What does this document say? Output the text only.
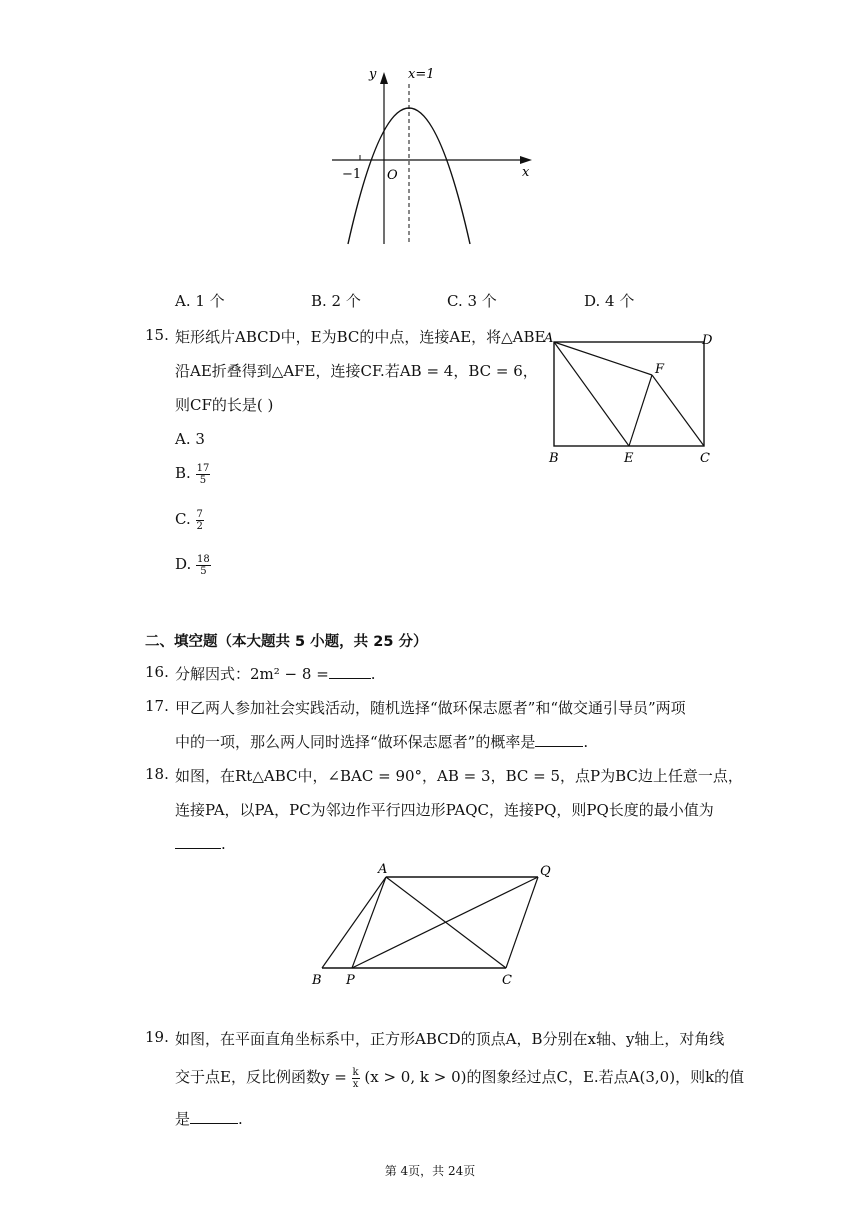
y x=1
−1 O	x
A. 1 个	B. 2 个	C. 3 个	D. 4 个
15. 矩形纸片ABCD中，E为BC的中点，连接AE，将△ABE
沿AE折叠得到△AFE，连接CF.若AB = 4，BC = 6，
则CF的长是( )
A. 3
B. $\frac{17}{5}$
C. $\frac{7}{2}$
D. $\frac{18}{5}$
A	D
F
B	E	C
二、填空题（本大题共 5 小题，共 25 分）
16. 分解因式：2m² − 8 =	.
17. 甲乙两人参加社会实践活动，随机选择“做环保志愿者”和“做交通引导员”两项
中的一项，那么两人同时选择“做环保志愿者”的概率是	.
18. 如图，在Rt△ABC中，∠BAC = 90°，AB = 3，BC = 5，点P为BC边上任意一点，
连接PA，以PA，PC为邻边作平行四边形PAQC，连接PQ，则PQ长度的最小值为
.
A	Q
B P	C
19. 如图，在平面直角坐标系中，正方形ABCD的顶点A，B分别在x轴、y轴上，对角线
交于点E，反比例函数$y = \frac{k}{x} (x > 0$, k > 0)的图象经过点C，E.若点A(3,0)，则k的值
是	.
第 4页，共 24页
